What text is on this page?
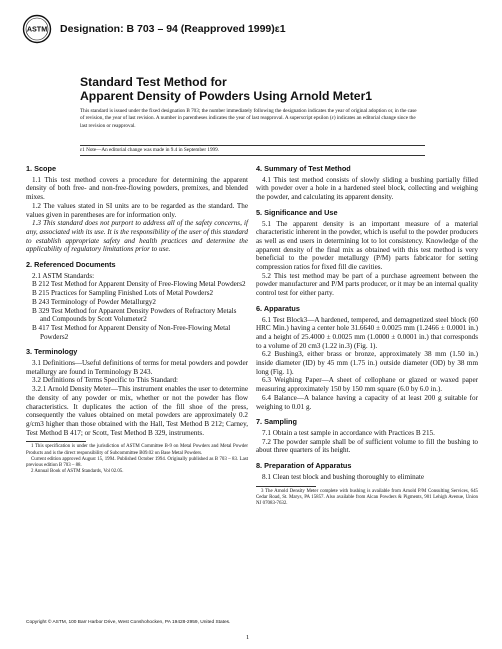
ASTM Designation: B 703 – 94 (Reapproved 1999)ε1
Standard Test Method for
Apparent Density of Powders Using Arnold Meter1
This standard is issued under the fixed designation B 703; the number immediately following the designation indicates the year of original adoption or, in the case of revision, the year of last revision. A number in parentheses indicates the year of last reapproval. A superscript epsilon (ε) indicates an editorial change since the last revision or reapproval.
ε1 Note—An editorial change was made in 9.4 in September 1999.
1. Scope

1.1 This test method covers a procedure for determining the apparent density of both free- and non-free-flowing powders, premixes, and blended mixes.

1.2 The values stated in SI units are to be regarded as the standard. The values given in parentheses are for information only.

1.3 This standard does not purport to address all of the safety concerns, if any, associated with its use. It is the responsibility of the user of this standard to establish appropriate safety and health practices and determine the applicability of regulatory limitations prior to use.

2. Referenced Documents

2.1 ASTM Standards:

B 212 Test Method for Apparent Density of Free-Flowing Metal Powders2

B 215 Practices for Sampling Finished Lots of Metal Powders2

B 243 Terminology of Powder Metallurgy2

B 329 Test Method for Apparent Density Powders of Refractory Metals and Compounds by Scott Volumeter2

B 417 Test Method for Apparent Density of Non-Free-Flowing Metal Powders2

3. Terminology

3.1 Definitions—Useful definitions of terms for metal powders and powder metallurgy are found in Terminology B 243.

3.2 Definitions of Terms Specific to This Standard:

3.2.1 Arnold Density Meter—This instrument enables the user to determine the density of any powder or mix, whether or not the powder has flow characteristics. It duplicates the action of the fill shoe of the press, consequently the values obtained on metal powders are approximately 0.2 g/cm3 higher than those obtained with the Hall, Test Method B 212; Carney, Test Method B 417; or Scott, Test Method B 329, instruments.

1 This specification is under the jurisdiction of ASTM Committee B-9 on Metal Powders and Metal Powder Products and is the direct responsibility of Subcommittee B09.02 on Base Metal Powders.

Current edition approved August 15, 1994. Published October 1994. Originally published as B 703 – 83. Last previous edition B 703 – 88.

2 Annual Book of ASTM Standards, Vol 02.05.

4. Summary of Test Method

4.1 This test method consists of slowly sliding a bushing partially filled with powder over a hole in a hardened steel block, collecting and weighing the powder, and calculating its apparent density.

5. Significance and Use

5.1 The apparent density is an important measure of a material characteristic inherent in the powder, which is useful to the powder producers as well as end users in determining lot to lot consistency. Knowledge of the apparent density of the final mix as obtained with this test method is very beneficial to the powder metallurgy (P/M) parts fabricator for setting compression ratios for fixed fill die cavities.

5.2 This test method may be part of a purchase agreement between the powder manufacturer and P/M parts producer, or it may be an internal quality control test for either party.

6. Apparatus

6.1 Test Block3—A hardened, tempered, and demagnetized steel block (60 HRC Min.) having a center hole 31.6640 ± 0.0025 mm (1.2466 ± 0.0001 in.) and a height of 25.4000 ± 0.0025 mm (1.0000 ± 0.0001 in.) that corresponds to a volume of 20 cm3 (1.22 in.3) (Fig. 1).

6.2 Bushing3, either brass or bronze, approximately 38 mm (1.50 in.) inside diameter (ID) by 45 mm (1.75 in.) outside diameter (OD) by 38 mm long (Fig. 1).

6.3 Weighing Paper—A sheet of cellophane or glazed or waxed paper measuring approximately 150 by 150 mm square (6.0 by 6.0 in.).

6.4 Balance—A balance having a capacity of at least 200 g suitable for weighing to 0.01 g.

7. Sampling

7.1 Obtain a test sample in accordance with Practices B 215.

7.2 The powder sample shall be of sufficient volume to fill the bushing to about three quarters of its height.

8. Preparation of Apparatus

8.1 Clean test block and bushing thoroughly to eliminate

3 The Arnold Density Meter complete with bushing is available from Arnold P/M Consulting Services, 645 Cedar Road, St. Marys, PA 15857. Also available from Alcan Powders & Pigments, 901 Lehigh Avenue, Union NJ 07083-7632.

Copyright © ASTM, 100 Barr Harbor Drive, West Conshohocken, PA 19428-2959, United States.
1
